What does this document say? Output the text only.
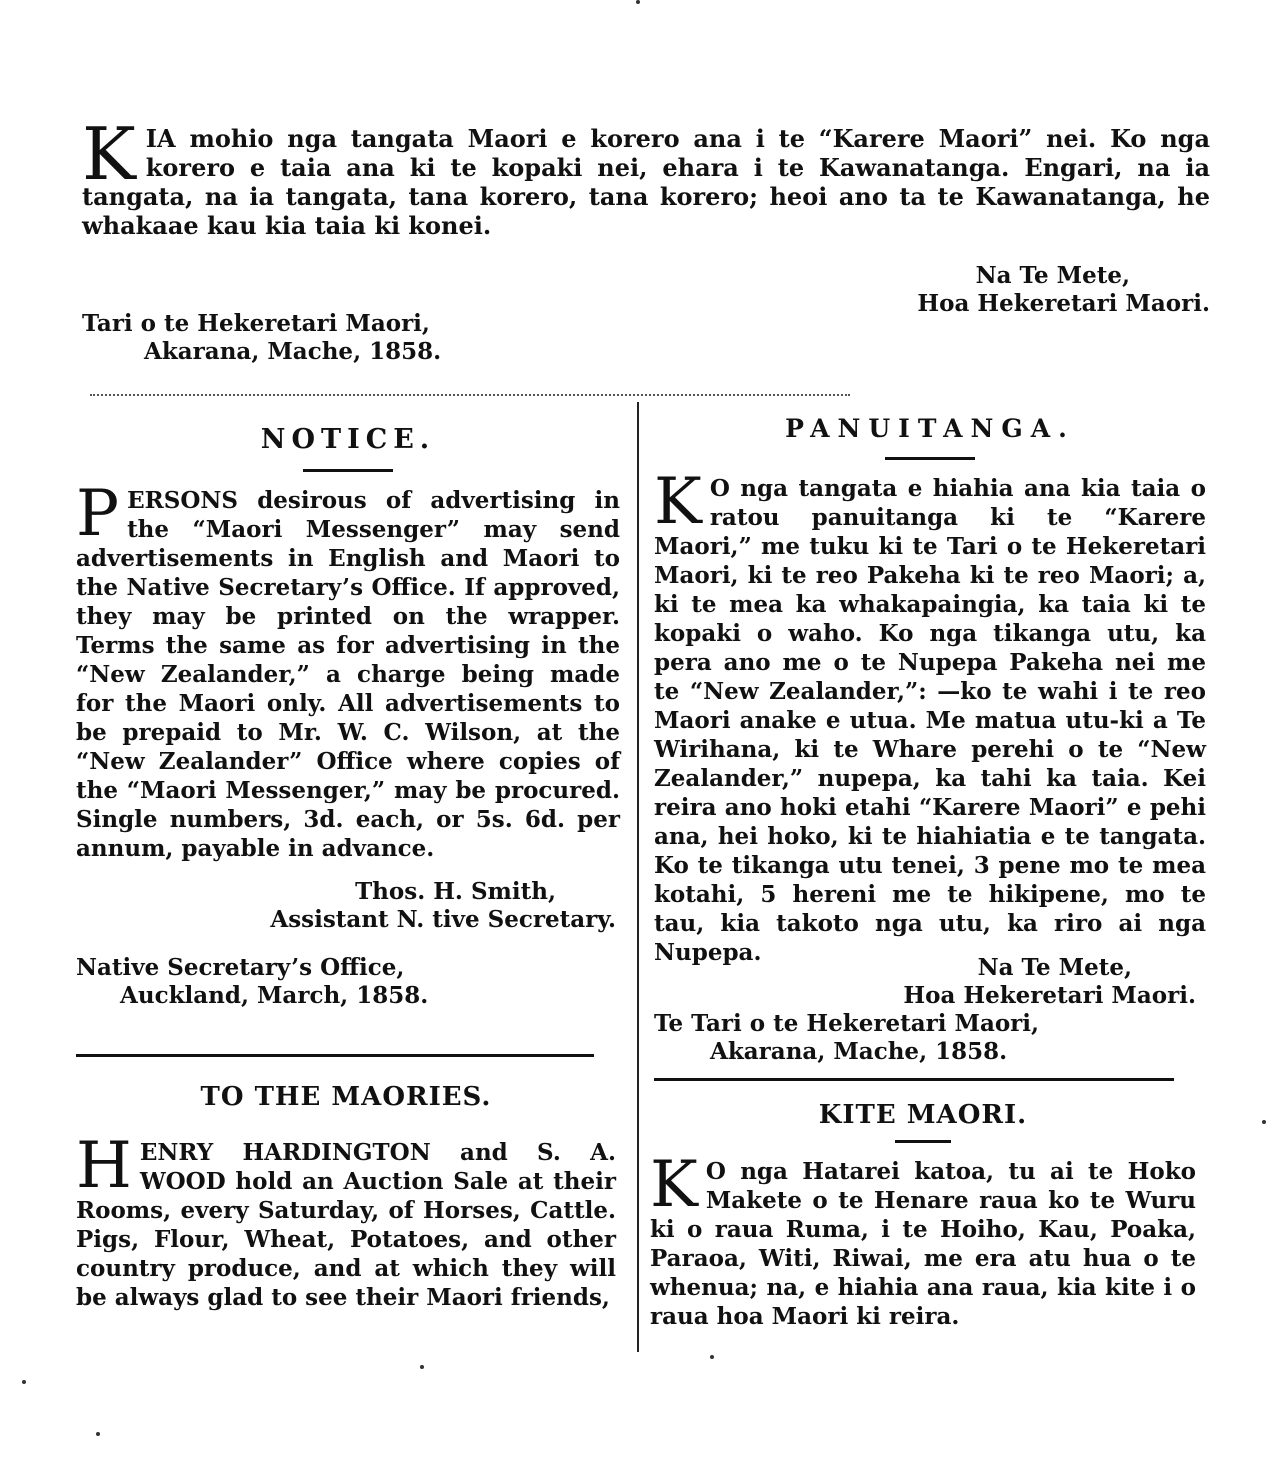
KIA mohio nga tangata Maori e korero ana i te “Karere Maori” nei. Ko nga korero e taia ana ki te kopaki nei, ehara i te Kawanatanga. Engari, na ia tangata, na ia tangata, tana korero, tana korero; heoi ano ta te Kawanatanga, he whakaae kau kia taia ki konei.

Na Te Mete,
Hoa Hekeretari Maori.
Tari o te Hekeretari Maori,
Akarana, Mache, 1858.

NOTICE.

PERSONS desirous of advertising in the “Maori Messenger” may send advertisements in English and Maori to the Native Secretary’s Office. If approved, they may be printed on the wrapper. Terms the same as for advertising in the “New Zealander,” a charge being made for the Maori only. All advertisements to be prepaid to Mr. W. C. Wilson, at the “New Zealander” Office where copies of the “Maori Messenger,” may be procured. Single numbers, 3d. each, or 5s. 6d. per annum, payable in advance.

Thos. H. Smith,
Assistant N. tive Secretary.
Native Secretary’s Office,
Auckland, March, 1858.

TO THE MAORIES.

HENRY HARDINGTON and S. A. WOOD hold an Auction Sale at their Rooms, every Saturday, of Horses, Cattle. Pigs, Flour, Wheat, Potatoes, and other country produce, and at which they will be always glad to see their Maori friends,

PANUITANGA.

K O nga tangata e hiahia ana kia taia o ratou panuitanga ki te “Karere Maori,” me tuku ki te Tari o te Hekeretari Maori, ki te reo Pakeha ki te reo Maori; a, ki te mea ka whakapaingia, ka taia ki te kopaki o waho. Ko nga tikanga utu, ka pera ano me o te Nupepa Pakeha nei me te “New Zealander,”: —ko te wahi i te reo Maori anake e utua. Me matua utu-ki a Te Wirihana, ki te Whare perehi o te “New Zealander,” nupepa, ka tahi ka taia. Kei reira ano hoki etahi “Karere Maori” e pehi ana, hei hoko, ki te hiahiatia e te tangata. Ko te tikanga utu tenei, 3 pene mo te mea kotahi, 5 hereni me te hikipene, mo te tau, kia takoto nga utu, ka riro ai nga Nupepa.

Na Te Mete,
Hoa Hekeretari Maori.
Te Tari o te Hekeretari Maori,
Akarana, Mache, 1858.

KITE MAORI.

K O nga Hatarei katoa, tu ai te Hoko Makete o te Henare raua ko te Wuru ki o raua Ruma, i te Hoiho, Kau, Poaka, Paraoa, Witi, Riwai, me era atu hua o te whenua; na, e hiahia ana raua, kia kite i o raua hoa Maori ki reira.
